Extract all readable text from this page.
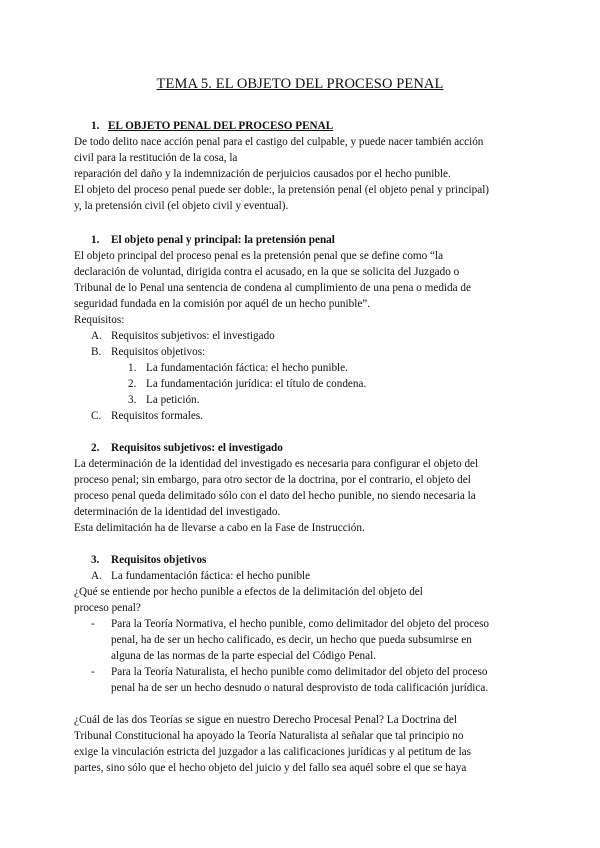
TEMA 5. EL OBJETO DEL PROCESO PENAL
1. EL OBJETO PENAL DEL PROCESO PENAL
De todo delito nace acción penal para el castigo del culpable, y puede nacer también acción
civil para la restitución de la cosa, la
reparación del daño y la indemnización de perjuicios causados por el hecho punible.
El objeto del proceso penal puede ser doble:, la pretensión penal (el objeto penal y principal)
y, la pretensión civil (el objeto civil y eventual).
1. El objeto penal y principal: la pretensión penal
El objeto principal del proceso penal es la pretensión penal que se define como “la
declaración de voluntad, dirigida contra el acusado, en la que se solicita del Juzgado o
Tribunal de lo Penal una sentencia de condena al cumplimiento de una pena o medida de
seguridad fundada en la comisión por aquél de un hecho punible”.
Requisitos:
A. Requisitos subjetivos: el investigado
B. Requisitos objetivos:
1. La fundamentación fáctica: el hecho punible.
2. La fundamentación jurídica: el título de condena.
3. La petición.
C. Requisitos formales.
2. Requisitos subjetivos: el investigado
La determinación de la identidad del investigado es necesaria para configurar el objeto del
proceso penal; sin embargo, para otro sector de la doctrina, por el contrario, el objeto del
proceso penal queda delimitado sólo con el dato del hecho punible, no siendo necesaria la
determinación de la identidad del investigado.
Esta delimitación ha de llevarse a cabo en la Fase de Instrucción.
3. Requisitos objetivos
A. La fundamentación fáctica: el hecho punible
¿Qué se entiende por hecho punible a efectos de la delimitación del objeto del
proceso penal?
- Para la Teoría Normativa, el hecho punible, como delimitador del objeto del proceso
penal, ha de ser un hecho calificado, es decir, un hecho que pueda subsumirse en
alguna de las normas de la parte especial del Código Penal.
- Para la Teoría Naturalista, el hecho punible como delimitador del objeto del proceso
penal ha de ser un hecho desnudo o natural desprovisto de toda calificación jurídica.
¿Cuál de las dos Teorías se sigue en nuestro Derecho Procesal Penal? La Doctrina del
Tribunal Constitucional ha apoyado la Teoría Naturalista al señalar que tal principio no
exige la vinculación estricta del juzgador a las calificaciones jurídicas y al petitum de las
partes, sino sólo que el hecho objeto del juicio y del fallo sea aquél sobre el que se haya
